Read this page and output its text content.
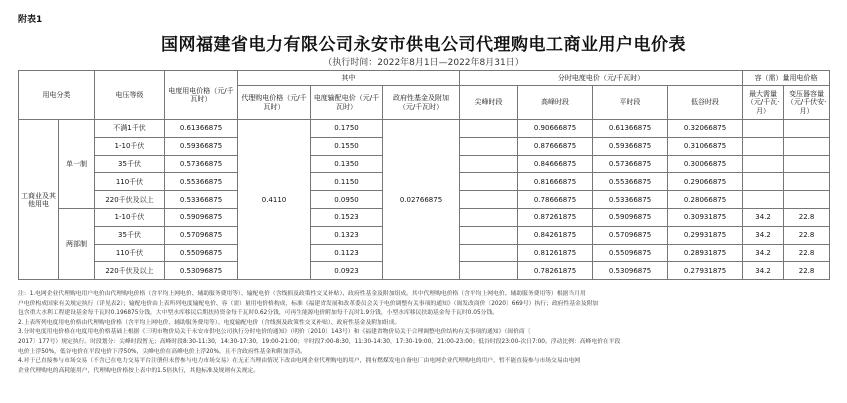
附表1
国网福建省电力有限公司永安市供电公司代理购电工商业用户电价表
（执行时间：2022年8月1日—2022年8月31日）
用电分类		电压等级	电度用电价格（元/千瓦时）	其中			分时电度电价（元/千瓦时）				容（需）量用电价格	
				代理购电价格（元/千瓦时）	电度输配电价（元/千瓦时）	政府性基金及附加（元/千瓦时）	尖峰时段	高峰时段	平时段	低谷时段	最大需量（元/千瓦·月）	变压器容量（元/千伏安·月）
工商业及其他用电	单一制	不满1千伏	0.61366875	0.4110	0.1750	0.02766875		0.90666875	0.61366875	0.32066875		
		1-10千伏	0.59366875		0.1550			0.87666875	0.59366875	0.31066875		
		35千伏	0.57366875		0.1350			0.84666875	0.57366875	0.30066875		
		110千伏	0.55366875		0.1150			0.81666875	0.55366875	0.29066875		
		220千伏及以上	0.53366875		0.0950			0.78666875	0.53366875	0.28066875		
	两部制	1-10千伏	0.59096875		0.1523			0.87261875	0.59096875	0.30931875	34.2	22.8
		35千伏	0.57096875		0.1323			0.84261875	0.57096875	0.29931875	34.2	22.8
		110千伏	0.55096875		0.1123			0.81261875	0.55096875	0.28931875	34.2	22.8
		220千伏及以上	0.53096875		0.0923			0.78261875	0.53096875	0.27931875	34.2	22.8

注：1.电网企业代理购电用户电价由代理购电价格（含平均上网电价、辅助服务费用等）、输配电价（含线损及政策性交叉补贴）、政府性基金及附加组成。其中代理购电价格（含平均上网电价、辅助服务费用等）根据当月用

户电价构成国家有关规定执行（详见表2）；输配电价由上表所列电度输配电价、容（需）量用电价格构成，标准《福建省发展和改革委员会关于电价调整有关事项的通知》（闽发改商价〔2020〕669号）执行；政府性基金及附加

包含重大水利工程建设基金每千瓦时0.196875分钱，大中型水库移民后期扶持资金每千瓦时0.62分钱，可再生能源电价附加每千瓦时1.9分钱，小型水库移民扶助基金每千瓦时0.05分钱。

2.上表所列电度用电价格由代理购电价格（含平均上网电价、辅助服务费用等）、电度输配电价（含线损及政策性交叉补贴）、政府性基金及附加组成。

3.分时电度用电价格在电度用电价格基础上根据《三明市物价局关于永安市供电公司执行分时电价的通知》（明价〔2010〕143号）和《福建省物价局关于合理调整电价结构有关事项的通知》（闽价商〔

2017〕177号）规定执行。时段划分：尖峰时段暂无；高峰时段8:30-11:30，14:30-17:30，19:00-21:00；平时段7:00-8:30，11:30-14:30，17:30-19:00，21:00-23:00；低谷时段23:00-次日7:00。浮动比例：高峰电价在平段

电价上浮50%，低谷电价在平段电价下浮50%，尖峰电价在高峰电价上浮20%，且不含政府性基金和附加浮动。

4.对于已直接参与市场交易（不含已在电力交易平台注册但未曾参与电力市场交易）在无正当理由情况下改由电网企业代理购电的用户，拥有燃煤发电自备电厂由电网企业代理购电的用户，暂不能直接参与市场交易由电网

企业代理购电的高耗能用户，代理购电价格按上表中的1.5倍执行，其他标准及规则有关规定。
